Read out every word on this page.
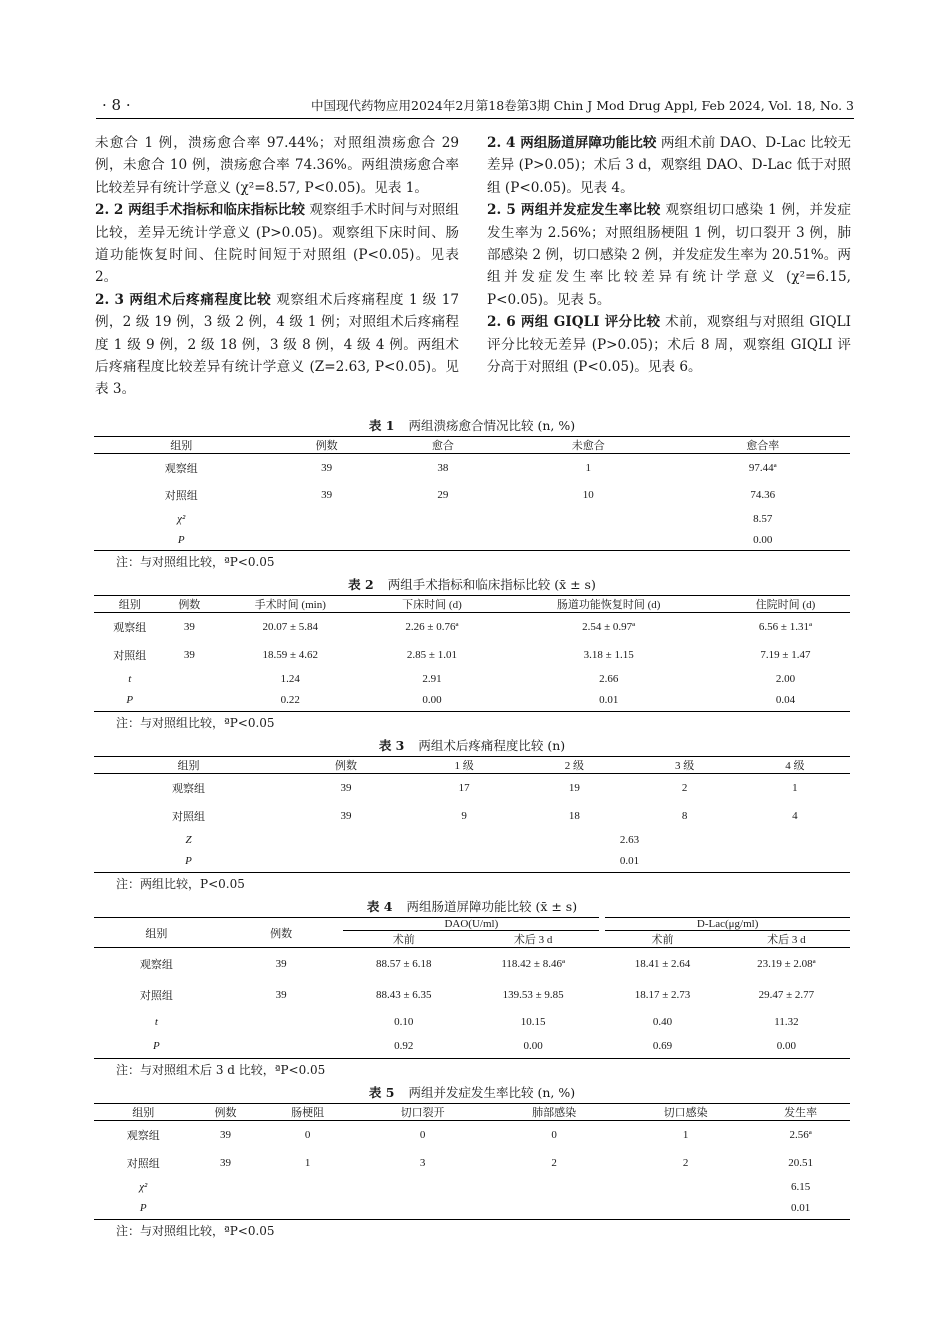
· 8 ·	中国现代药物应用2024年2月第18卷第3期 Chin J Mod Drug Appl, Feb 2024, Vol. 18, No. 3

未愈合 1 例，溃疡愈合率 97.44%；对照组溃疡愈合 29 例，未愈合 10 例，溃疡愈合率 74.36%。两组溃疡愈合率比较差异有统计学意义 (χ²=8.57, P<0.05)。见表 1。

2. 2 两组手术指标和临床指标比较 观察组手术时间与对照组比较，差异无统计学意义 (P>0.05)。观察组下床时间、肠道功能恢复时间、住院时间短于对照组 (P<0.05)。见表 2。

2. 3 两组术后疼痛程度比较 观察组术后疼痛程度 1 级 17 例，2 级 19 例，3 级 2 例，4 级 1 例；对照组术后疼痛程度 1 级 9 例，2 级 18 例，3 级 8 例，4 级 4 例。两组术后疼痛程度比较差异有统计学意义 (Z=2.63, P<0.05)。见表 3。

2. 4 两组肠道屏障功能比较 两组术前 DAO、D-Lac 比较无差异 (P>0.05)；术后 3 d，观察组 DAO、D-Lac 低于对照组 (P<0.05)。见表 4。

2. 5 两组并发症发生率比较 观察组切口感染 1 例，并发症发生率为 2.56%；对照组肠梗阻 1 例，切口裂开 3 例，肺部感染 2 例，切口感染 2 例，并发症发生率为 20.51%。两组并发症发生率比较差异有统计学意义 (χ²=6.15, P<0.05)。见表 5。

2. 6 两组 GIQLI 评分比较 术前，观察组与对照组 GIQLI 评分比较无差异 (P>0.05)；术后 8 周，观察组 GIQLI 评分高于对照组 (P<0.05)。见表 6。

表 1 两组溃疡愈合情况比较 (n, %)
组别	例数	愈合	未愈合	愈合率
观察组	39	38	1	97.44ª
对照组	39	29	10	74.36
χ²				8.57
P				0.00
注：与对照组比较，ªP<0.05
表 2 两组手术指标和临床指标比较 (x̄ ± s)
组别	例数	手术时间 (min)	下床时间 (d)	肠道功能恢复时间 (d)	住院时间 (d)
观察组	39	20.07 ± 5.84	2.26 ± 0.76ª	2.54 ± 0.97ª	6.56 ± 1.31ª
对照组	39	18.59 ± 4.62	2.85 ± 1.01	3.18 ± 1.15	7.19 ± 1.47
t		1.24	2.91	2.66	2.00
P		0.22	0.00	0.01	0.04
注：与对照组比较，ªP<0.05
表 3 两组术后疼痛程度比较 (n)
组别	例数	1 级	2 级	3 级	4 级
观察组	39	17	19	2	1
对照组	39	9	18	8	4
Z		2.63			
P		0.01			
注：两组比较，P<0.05
表 4 两组肠道屏障功能比较 (x̄ ± s)
组别	例数	DAO(U/ml)		D-Lac(μg/ml)	
		术前	术后 3 d	术前	术后 3 d
观察组	39	88.57 ± 6.18	118.42 ± 8.46ª	18.41 ± 2.64	23.19 ± 2.08ª
对照组	39	88.43 ± 6.35	139.53 ± 9.85	18.17 ± 2.73	29.47 ± 2.77
t		0.10	10.15	0.40	11.32
P		0.92	0.00	0.69	0.00
注：与对照组术后 3 d 比较，ªP<0.05
表 5 两组并发症发生率比较 (n, %)
组别	例数	肠梗阻	切口裂开	肺部感染	切口感染	发生率
观察组	39	0	0	0	1	2.56ª
对照组	39	1	3	2	2	20.51
χ²						6.15
P						0.01
注：与对照组比较，ªP<0.05
